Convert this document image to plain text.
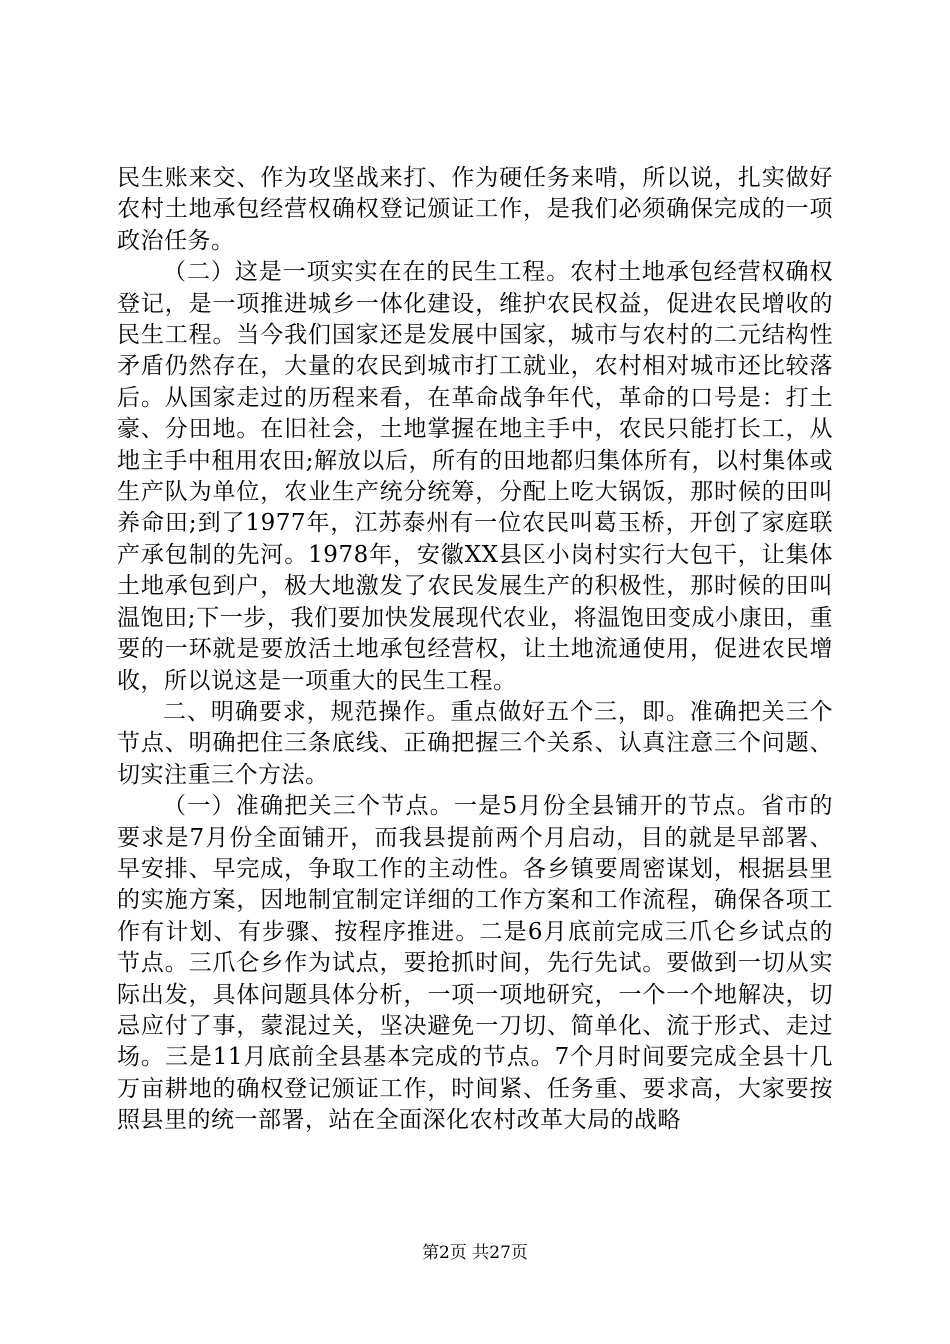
民生账来交、作为攻坚战来打、作为硬任务来啃，所以说，扎实做好农村土地承包经营权确权登记颁证工作，是我们必须确保完成的一项政治任务。

（二）这是一项实实在在的民生工程。农村土地承包经营权确权登记，是一项推进城乡一体化建设，维护农民权益，促进农民增收的民生工程。当今我们国家还是发展中国家，城市与农村的二元结构性矛盾仍然存在，大量的农民到城市打工就业，农村相对城市还比较落后。从国家走过的历程来看，在革命战争年代，革命的口号是：打土豪、分田地。在旧社会，土地掌握在地主手中，农民只能打长工，从地主手中租用农田;解放以后，所有的田地都归集体所有，以村集体或生产队为单位，农业生产统分统筹，分配上吃大锅饭，那时候的田叫养命田;到了1977年，江苏泰州有一位农民叫葛玉桥，开创了家庭联产承包制的先河。1978年，安徽XX县区小岗村实行大包干，让集体土地承包到户，极大地激发了农民发展生产的积极性，那时候的田叫温饱田;下一步，我们要加快发展现代农业，将温饱田变成小康田，重要的一环就是要放活土地承包经营权，让土地流通使用，促进农民增收，所以说这是一项重大的民生工程。

二、明确要求，规范操作。重点做好五个三，即。准确把关三个节点、明确把住三条底线、正确把握三个关系、认真注意三个问题、切实注重三个方法。

（一）准确把关三个节点。一是5月份全县铺开的节点。省市的要求是7月份全面铺开，而我县提前两个月启动，目的就是早部署、早安排、早完成，争取工作的主动性。各乡镇要周密谋划，根据县里的实施方案，因地制宜制定详细的工作方案和工作流程，确保各项工作有计划、有步骤、按程序推进。二是6月底前完成三爪仑乡试点的节点。三爪仑乡作为试点，要抢抓时间，先行先试。要做到一切从实际出发，具体问题具体分析，一项一项地研究，一个一个地解决，切忌应付了事，蒙混过关，坚决避免一刀切、简单化、流于形式、走过场。三是11月底前全县基本完成的节点。7个月时间要完成全县十几万亩耕地的确权登记颁证工作，时间紧、任务重、要求高，大家要按照县里的统一部署，站在全面深化农村改革大局的战略

第2页 共27页
